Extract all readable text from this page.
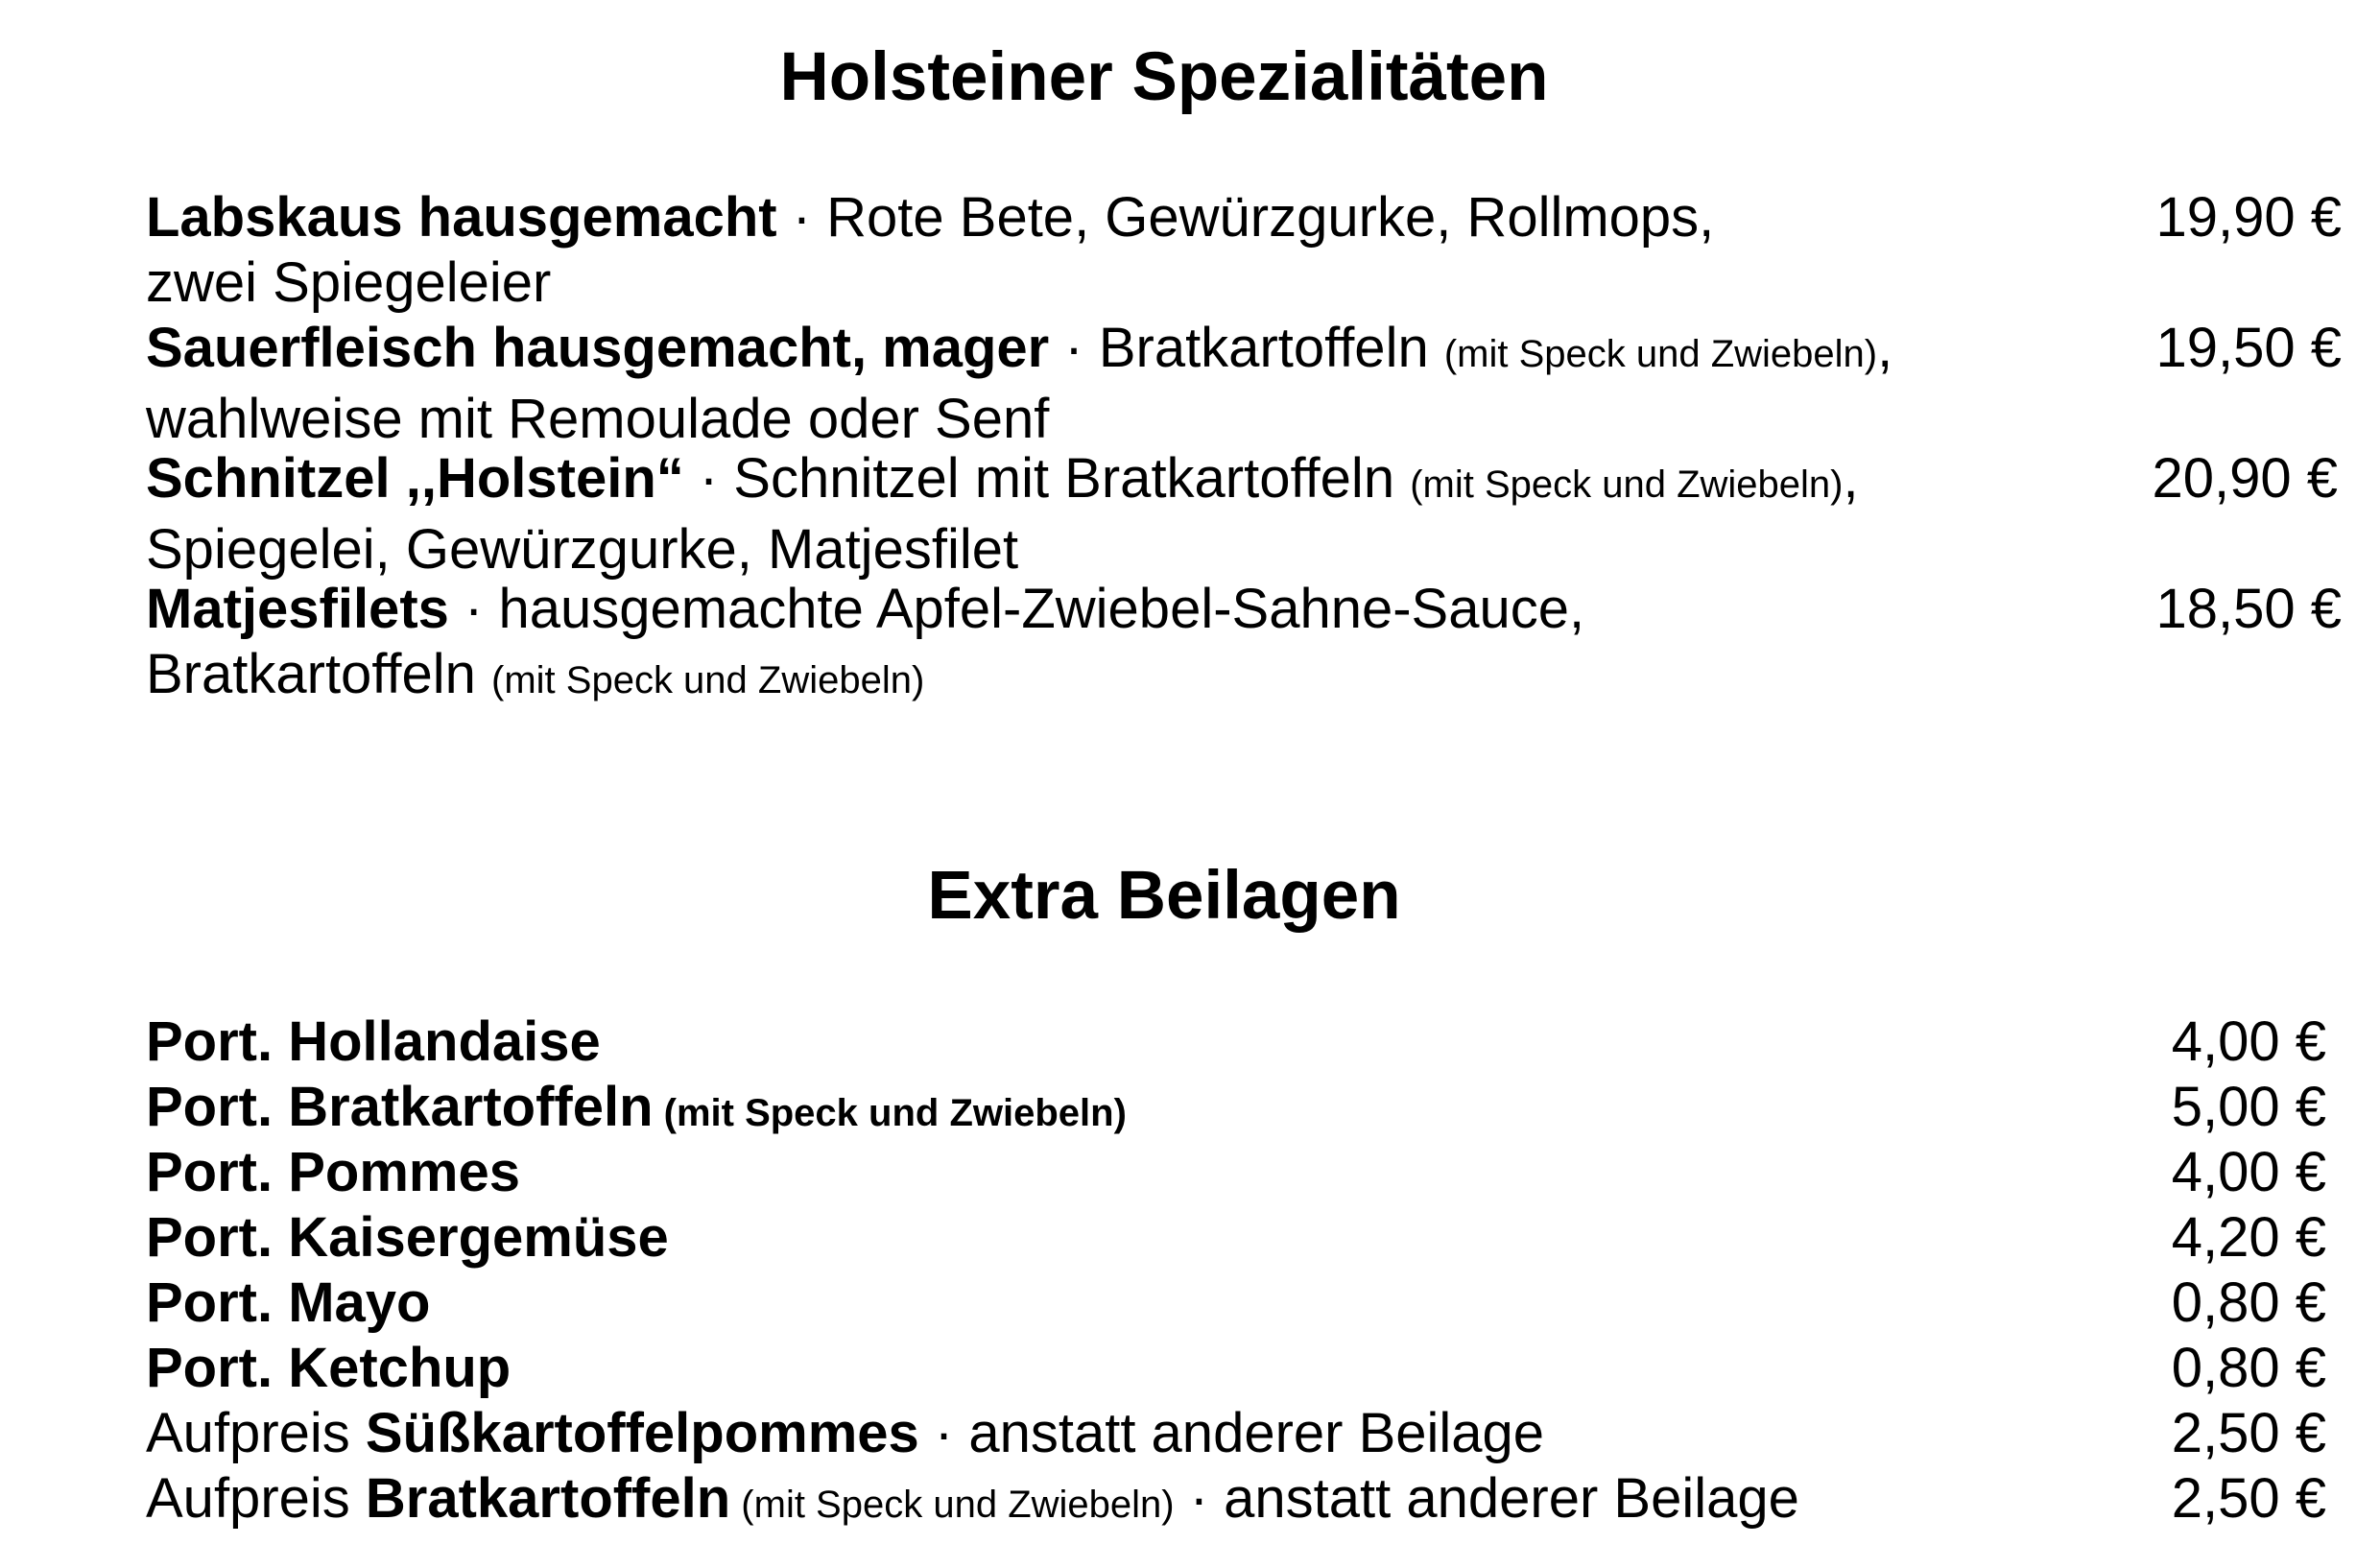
Holsteiner Spezialitäten
Labskaus hausgemacht · Rote Bete, Gewürzgurke, Rollmops,
zwei Spiegeleier
19,90 €
Sauerfleisch hausgemacht, mager · Bratkartoffeln (mit Speck und Zwiebeln),
wahlweise mit Remoulade oder Senf
19,50 €
Schnitzel ,,Holstein“ · Schnitzel mit Bratkartoffeln (mit Speck und Zwiebeln),
Spiegelei, Gewürzgurke, Matjesfilet
20,90 €
Matjesfilets · hausgemachte Apfel-Zwiebel-Sahne-Sauce,
Bratkartoffeln (mit Speck und Zwiebeln)
18,50 €
Extra Beilagen
Port. Hollandaise	4,00 €
Port. Bratkartoffeln (mit Speck und Zwiebeln)	5,00 €
Port. Pommes	4,00 €
Port. Kaisergemüse	4,20 €
Port. Mayo	0,80 €
Port. Ketchup	0,80 €
Aufpreis Süßkartoffelpommes · anstatt anderer Beilage	2,50 €
Aufpreis Bratkartoffeln (mit Speck und Zwiebeln) · anstatt anderer Beilage	2,50 €
